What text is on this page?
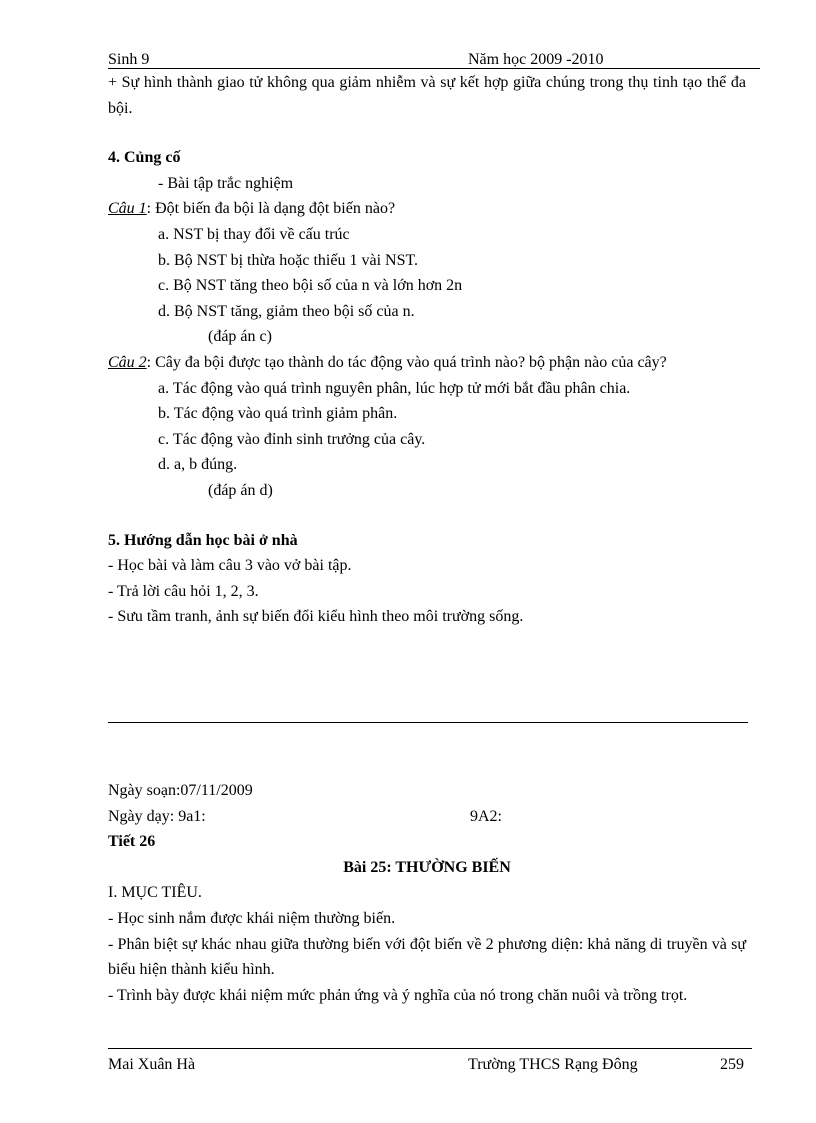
Sinh 9	Năm học 2009 -2010

+ Sự hình thành giao tử không qua giảm nhiễm và sự kết hợp giữa chúng trong thụ tinh tạo thể đa bội.

4. Củng cố

- Bài tập trắc nghiệm

Câu 1: Đột biến đa bội là dạng đột biến nào?

a. NST bị thay đổi về cấu trúc

b. Bộ NST bị thừa hoặc thiếu 1 vài NST.

c. Bộ NST tăng theo bội số của n và lớn hơn 2n

d. Bộ NST tăng, giảm theo bội số của n.

(đáp án c)

Câu 2: Cây đa bội được tạo thành do tác động vào quá trình nào? bộ phận nào của cây?

a. Tác động vào quá trình nguyên phân, lúc hợp tử mới bắt đầu phân chia.

b. Tác động vào quá trình giảm phân.

c. Tác động vào đỉnh sinh trưởng của cây.

d. a, b đúng.

(đáp án d)

5. Hướng dẫn học bài ở nhà

- Học bài và làm câu 3 vào vở bài tập.

- Trả lời câu hỏi 1, 2, 3.

- Sưu tầm tranh, ảnh sự biến đổi kiểu hình theo môi trường sống.

Ngày soạn:07/11/2009

Ngày dạy: 9a1:	9A2:

Tiết 26

Bài 25: THƯỜNG BIẾN

I. MỤC TIÊU.

- Học sinh nắm được khái niệm thường biến.

- Phân biệt sự khác nhau giữa thường biến với đột biến về 2 phương diện: khả năng di truyền và sự biểu hiện thành kiểu hình.

- Trình bày được khái niệm mức phản ứng và ý nghĩa của nó trong chăn nuôi và trồng trọt.

Mai Xuân Hà	Trường THCS Rạng Đông	259
